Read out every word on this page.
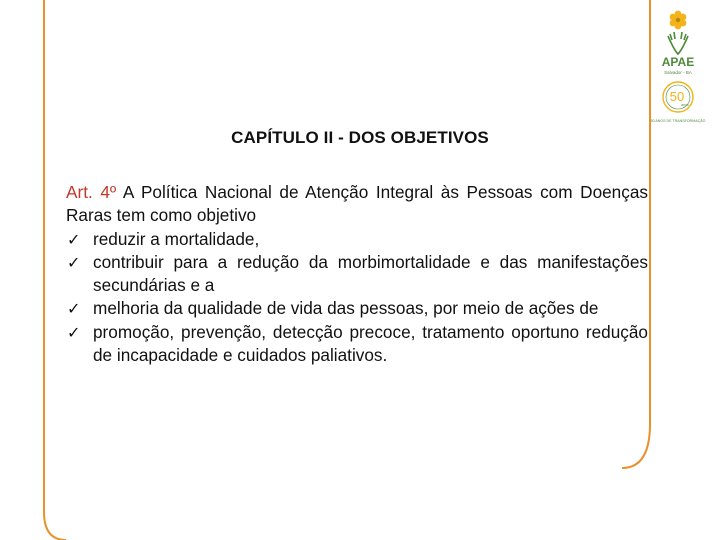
APAE
Salvador - BA
50
anos
50 ANOS DE TRANSFORMAÇÃO
CAPÍTULO II - DOS OBJETIVOS

Art. 4º A Política Nacional de Atenção Integral às Pessoas com Doenças Raras tem como objetivo

✓ reduzir a mortalidade,
✓ contribuir para a redução da morbimortalidade e das manifestações secundárias e a
✓ melhoria da qualidade de vida das pessoas, por meio de ações de
✓ promoção, prevenção, detecção precoce, tratamento oportuno redução de incapacidade e cuidados paliativos.
